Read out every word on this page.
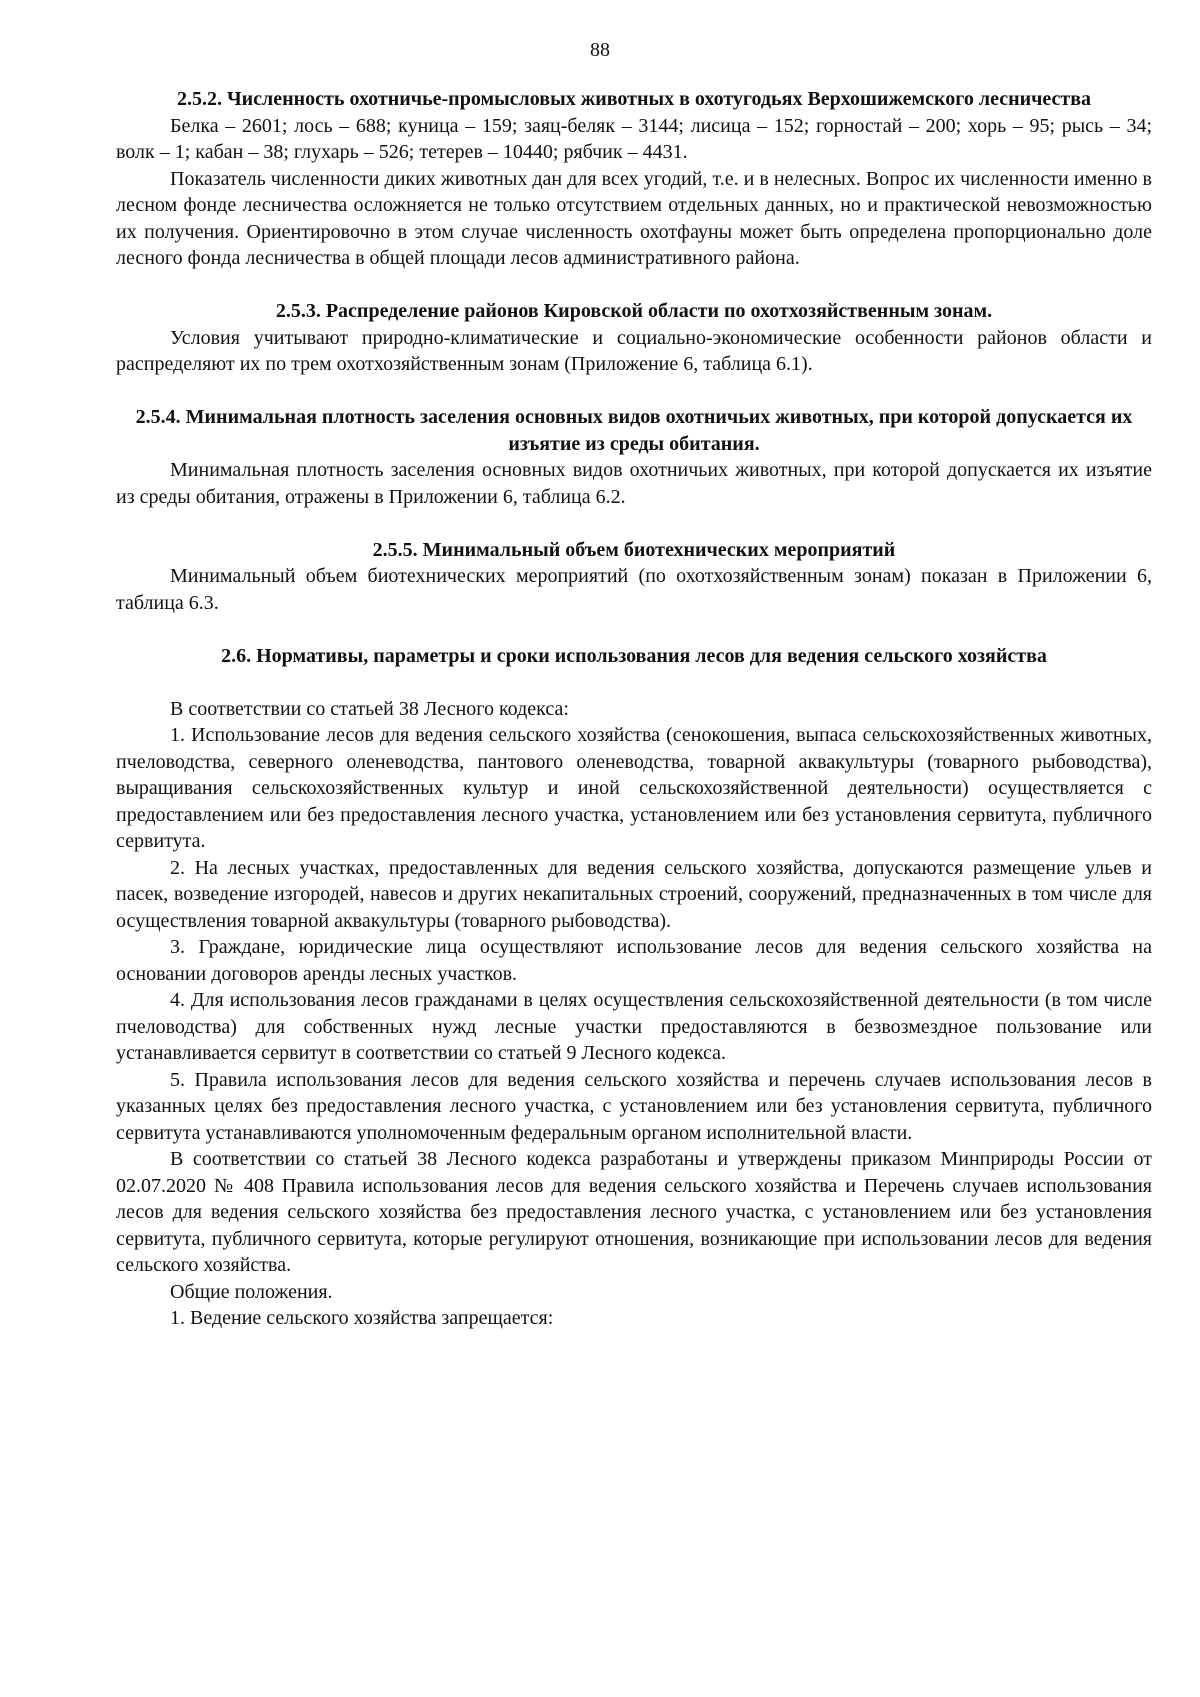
88
2.5.2. Численность охотничье-промысловых животных в охотугодьях Верхошижемского лесничества

Белка – 2601; лось – 688; куница – 159; заяц-беляк – 3144; лисица – 152; горностай – 200; хорь – 95; рысь – 34; волк – 1; кабан – 38; глухарь – 526; тетерев – 10440; рябчик – 4431.

Показатель численности диких животных дан для всех угодий, т.е. и в нелесных. Вопрос их численности именно в лесном фонде лесничества осложняется не только отсутствием отдельных данных, но и практической невозможностью их получения. Ориентировочно в этом случае численность охотфауны может быть определена пропорционально доле лесного фонда лесничества в общей площади лесов административного района.

2.5.3. Распределение районов Кировской области по охотхозяйственным зонам.

Условия учитывают природно-климатические и социально-экономические особенности районов области и распределяют их по трем охотхозяйственным зонам (Приложение 6, таблица 6.1).

2.5.4. Минимальная плотность заселения основных видов охотничьих животных, при которой допускается их изъятие из среды обитания.

Минимальная плотность заселения основных видов охотничьих животных, при которой допускается их изъятие из среды обитания, отражены в Приложении 6, таблица 6.2.

2.5.5. Минимальный объем биотехнических мероприятий

Минимальный объем биотехнических мероприятий (по охотхозяйственным зонам) показан в Приложении 6, таблица 6.3.

2.6. Нормативы, параметры и сроки использования лесов для ведения сельского хозяйства

В соответствии со статьей 38 Лесного кодекса:

1. Использование лесов для ведения сельского хозяйства (сенокошения, выпаса сельскохозяйственных животных, пчеловодства, северного оленеводства, пантового оленеводства, товарной аквакультуры (товарного рыбоводства), выращивания сельскохозяйственных культур и иной сельскохозяйственной деятельности) осуществляется с предоставлением или без предоставления лесного участка, установлением или без установления сервитута, публичного сервитута.

2. На лесных участках, предоставленных для ведения сельского хозяйства, допускаются размещение ульев и пасек, возведение изгородей, навесов и других некапитальных строений, сооружений, предназначенных в том числе для осуществления товарной аквакультуры (товарного рыбоводства).

3. Граждане, юридические лица осуществляют использование лесов для ведения сельского хозяйства на основании договоров аренды лесных участков.

4. Для использования лесов гражданами в целях осуществления сельскохозяйственной деятельности (в том числе пчеловодства) для собственных нужд лесные участки предоставляются в безвозмездное пользование или устанавливается сервитут в соответствии со статьей 9 Лесного кодекса.

5. Правила использования лесов для ведения сельского хозяйства и перечень случаев использования лесов в указанных целях без предоставления лесного участка, с установлением или без установления сервитута, публичного сервитута устанавливаются уполномоченным федеральным органом исполнительной власти.

В соответствии со статьей 38 Лесного кодекса разработаны и утверждены приказом Минприроды России от 02.07.2020 № 408 Правила использования лесов для ведения сельского хозяйства и Перечень случаев использования лесов для ведения сельского хозяйства без предоставления лесного участка, с установлением или без установления сервитута, публичного сервитута, которые регулируют отношения, возникающие при использовании лесов для ведения сельского хозяйства.

Общие положения.

1. Ведение сельского хозяйства запрещается:
